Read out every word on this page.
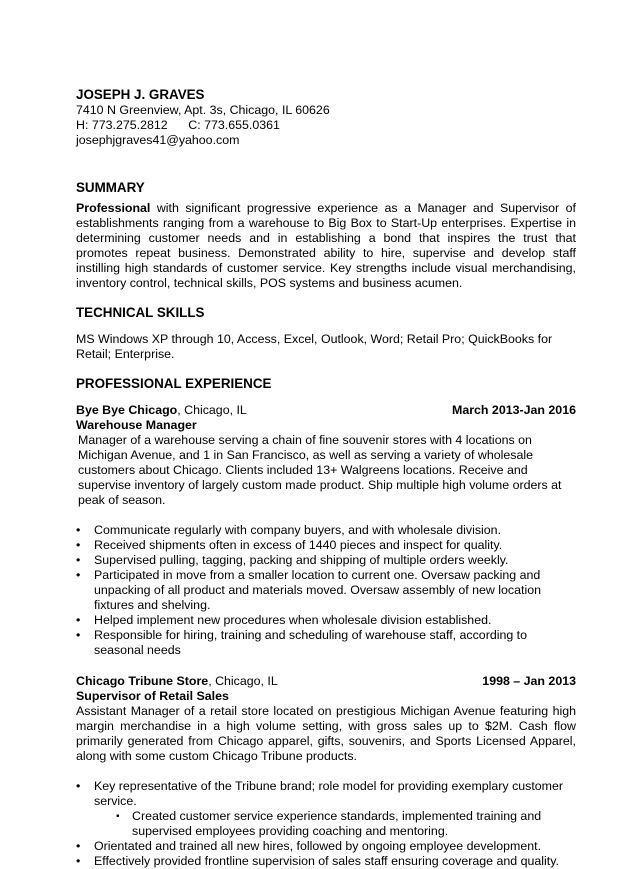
JOSEPH J. GRAVES
7410 N Greenview, Apt. 3s, Chicago, IL 60626
H: 773.275.2812      C: 773.655.0361
josephjgraves41@yahoo.com
SUMMARY
Professional with significant progressive experience as a Manager and Supervisor of establishments ranging from a warehouse to Big Box to Start-Up enterprises. Expertise in determining customer needs and in establishing a bond that inspires the trust that promotes repeat business. Demonstrated ability to hire, supervise and develop staff instilling high standards of customer service. Key strengths include visual merchandising, inventory control, technical skills, POS systems and business acumen.
TECHNICAL SKILLS
MS Windows XP through 10, Access, Excel, Outlook, Word; Retail Pro; QuickBooks for Retail; Enterprise.
PROFESSIONAL EXPERIENCE
Bye Bye Chicago, Chicago, IL	March 2013-Jan 2016
Warehouse Manager
Manager of a warehouse serving a chain of fine souvenir stores with 4 locations on Michigan Avenue, and 1 in San Francisco, as well as serving a variety of wholesale customers about Chicago. Clients included 13+ Walgreens locations. Receive and supervise inventory of largely custom made product. Ship multiple high volume orders at peak of season.
• Communicate regularly with company buyers, and with wholesale division.
• Received shipments often in excess of 1440 pieces and inspect for quality.
• Supervised pulling, tagging, packing and shipping of multiple orders weekly.
• Participated in move from a smaller location to current one. Oversaw packing and unpacking of all product and materials moved. Oversaw assembly of new location fixtures and shelving.
• Helped implement new procedures when wholesale division established.
• Responsible for hiring, training and scheduling of warehouse staff, according to seasonal needs
Chicago Tribune Store, Chicago, IL	1998 – Jan 2013
Supervisor of Retail Sales
Assistant Manager of a retail store located on prestigious Michigan Avenue featuring high margin merchandise in a high volume setting, with gross sales up to $2M. Cash flow primarily generated from Chicago apparel, gifts, souvenirs, and Sports Licensed Apparel, along with some custom Chicago Tribune products.
• Key representative of the Tribune brand; role model for providing exemplary customer service.
▪ Created customer service experience standards, implemented training and supervised employees providing coaching and mentoring.
• Orientated and trained all new hires, followed by ongoing employee development.
• Effectively provided frontline supervision of sales staff ensuring coverage and quality.
